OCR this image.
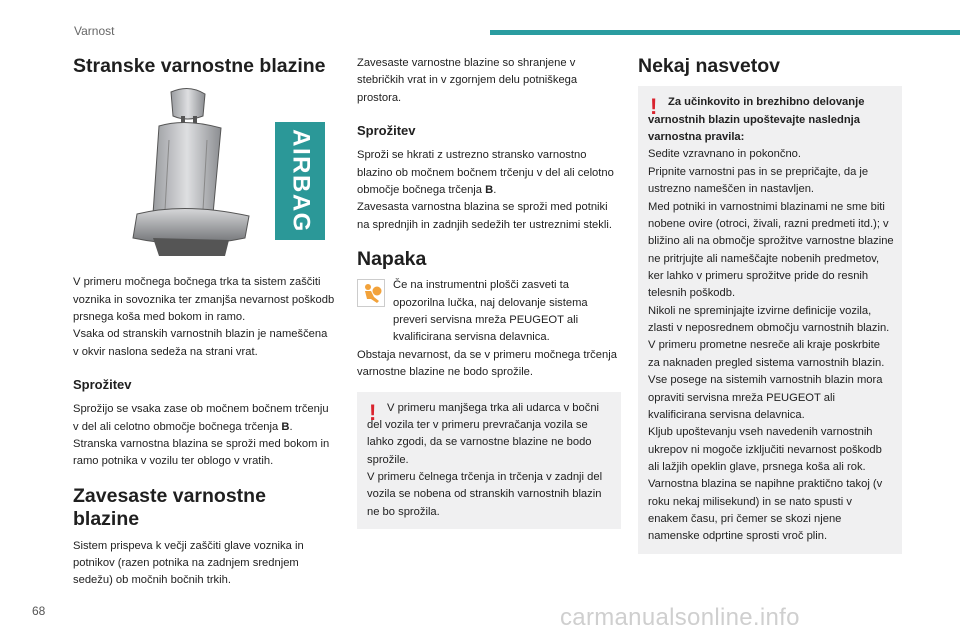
Varnost
Stranske varnostne blazine
AIRBAG

V primeru močnega bočnega trka ta sistem zaščiti voznika in sovoznika ter zmanjša nevarnost poškodb prsnega koša med bokom in ramo.

Vsaka od stranskih varnostnih blazin je nameščena v okvir naslona sedeža na strani vrat.

Sprožitev

Sprožijo se vsaka zase ob močnem bočnem trčenju v del ali celotno območje bočnega trčenja B.

Stranska varnostna blazina se sproži med bokom in ramo potnika v vozilu ter oblogo v vratih.

Zavesaste varnostne blazine

Sistem prispeva k večji zaščiti glave voznika in potnikov (razen potnika na zadnjem srednjem sedežu) ob močnih bočnih trkih.

Zavesaste varnostne blazine so shranjene v stebričkih vrat in v zgornjem delu potniškega prostora.

Sprožitev

Sproži se hkrati z ustrezno stransko varnostno blazino ob močnem bočnem trčenju v del ali celotno območje bočnega trčenja B.

Zavesasta varnostna blazina se sproži med potniki na sprednjih in zadnjih sedežih ter ustreznimi stekli.

Napaka

Če na instrumentni plošči zasveti ta opozorilna lučka, naj delovanje sistema preveri servisna mreža PEUGEOT ali kvalificirana servisna delavnica.

Obstaja nevarnost, da se v primeru močnega trčenja varnostne blazine ne bodo sprožile.

! V primeru manjšega trka ali udarca v bočni del vozila ter v primeru prevračanja vozila se lahko zgodi, da se varnostne blazine ne bodo sprožile.

V primeru čelnega trčenja in trčenja v zadnji del vozila se nobena od stranskih varnostnih blazin ne bo sprožila.

Nekaj nasvetov
! Za učinkovito in brezhibno delovanje varnostnih blazin upoštevajte naslednja varnostna pravila:

Sedite vzravnano in pokončno.

Pripnite varnostni pas in se prepričajte, da je ustrezno nameščen in nastavljen.

Med potniki in varnostnimi blazinami ne sme biti nobene ovire (otroci, živali, razni predmeti itd.); v bližino ali na območje sprožitve varnostne blazine ne pritrjujte ali nameščajte nobenih predmetov, ker lahko v primeru sprožitve pride do resnih telesnih poškodb.

Nikoli ne spreminjajte izvirne definicije vozila, zlasti v neposrednem območju varnostnih blazin.

V primeru prometne nesreče ali kraje poskrbite za naknaden pregled sistema varnostnih blazin.

Vse posege na sistemih varnostnih blazin mora opraviti servisna mreža PEUGEOT ali kvalificirana servisna delavnica.

Kljub upoštevanju vseh navedenih varnostnih ukrepov ni mogoče izključiti nevarnost poškodb ali lažjih opeklin glave, prsnega koša ali rok. Varnostna blazina se napihne praktično takoj (v roku nekaj milisekund) in se nato spusti v enakem času, pri čemer se skozi njene namenske odprtine sprosti vroč plin.

68	carmanualsonline.info
